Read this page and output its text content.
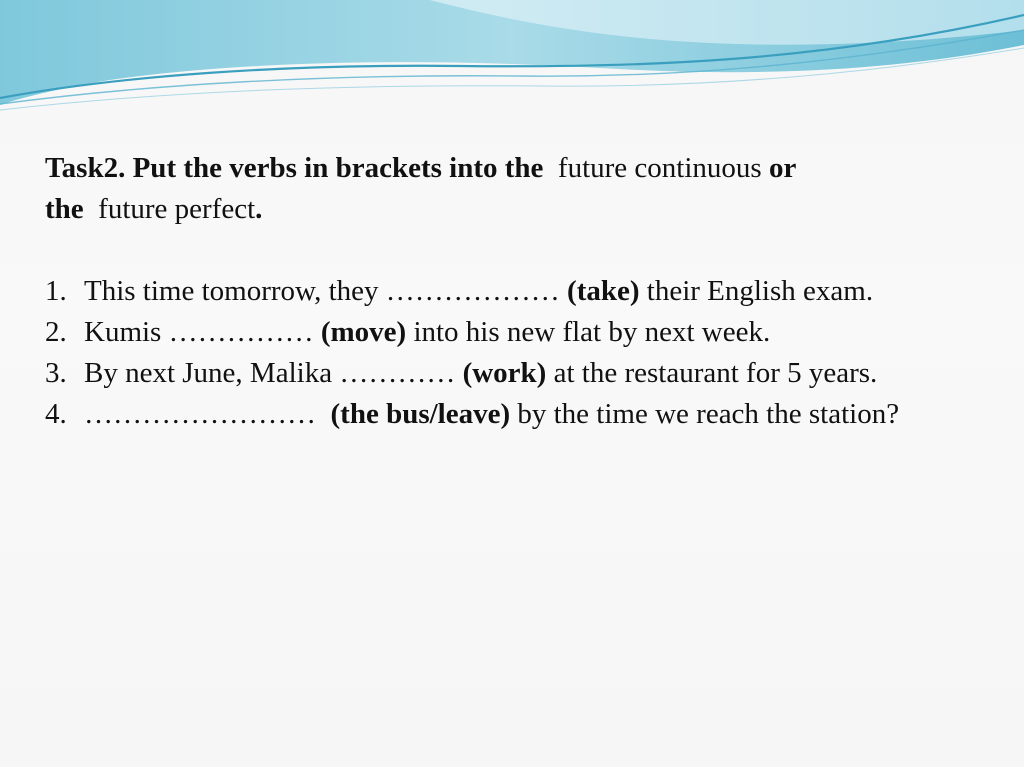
Task2. Put the verbs in brackets into the future continuous or
the future perfect.

1. This time tomorrow, they ……………… (take) their English exam.
2. Kumis …………… (move) into his new flat by next week.
3. By next June, Malika ………… (work) at the restaurant for 5 years.
4. …………………… (the bus/leave) by the time we reach the station?
